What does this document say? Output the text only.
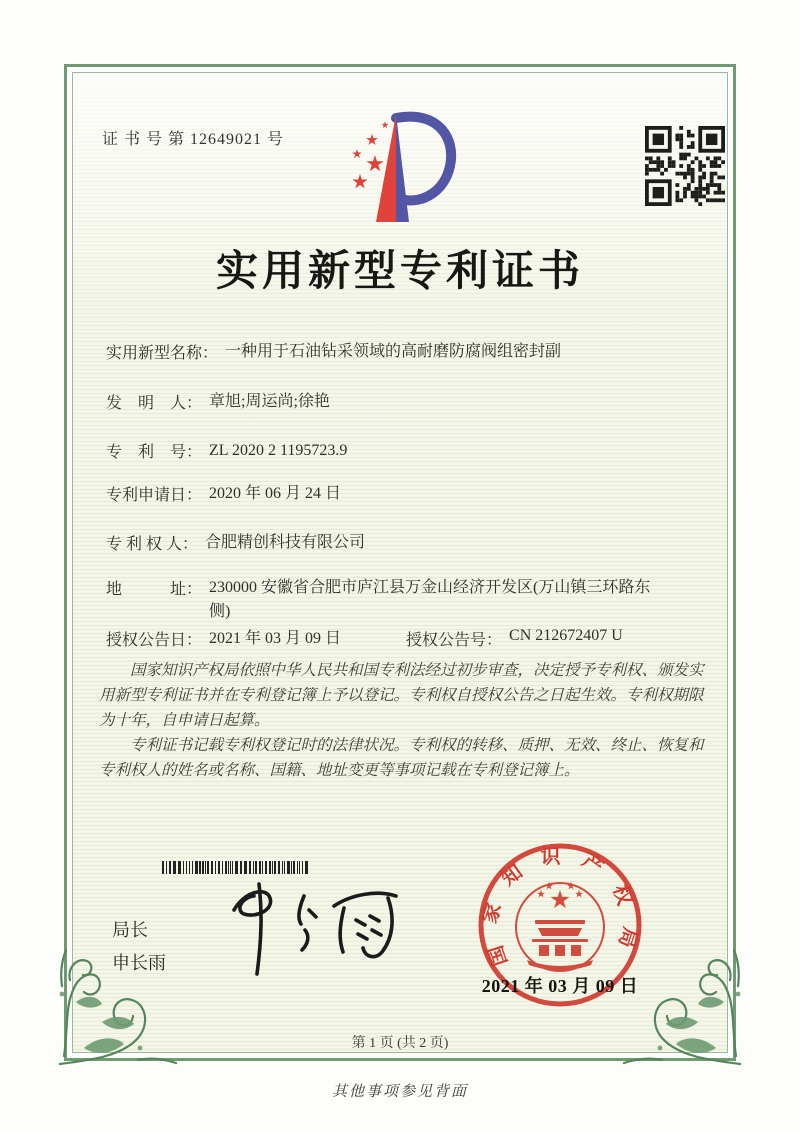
证 书 号 第 12649021 号
实用新型专利证书
实用新型名称： 一种用于石油钻采领域的高耐磨防腐阀组密封副
发　明　人： 章旭;周运尚;徐艳
专　利　号： ZL 2020 2 1195723.9
专利申请日： 2020 年 06 月 24 日
专 利 权 人： 合肥精创科技有限公司
地　　　址： 230000 安徽省合肥市庐江县万金山经济开发区(万山镇三环路东侧)
授权公告日： 2021 年 03 月 09 日	授权公告号： CN 212672407 U

国家知识产权局依照中华人民共和国专利法经过初步审查，决定授予专利权、颁发实用新型专利证书并在专利登记簿上予以登记。专利权自授权公告之日起生效。专利权期限为十年，自申请日起算。

专利证书记载专利权登记时的法律状况。专利权的转移、质押、无效、终止、恢复和专利权人的姓名或名称、国籍、地址变更等事项记载在专利登记簿上。

局长
申长雨	国家知识产权局
2021 年 03 月 09 日
第 1 页 (共 2 页)
其他事项参见背面
